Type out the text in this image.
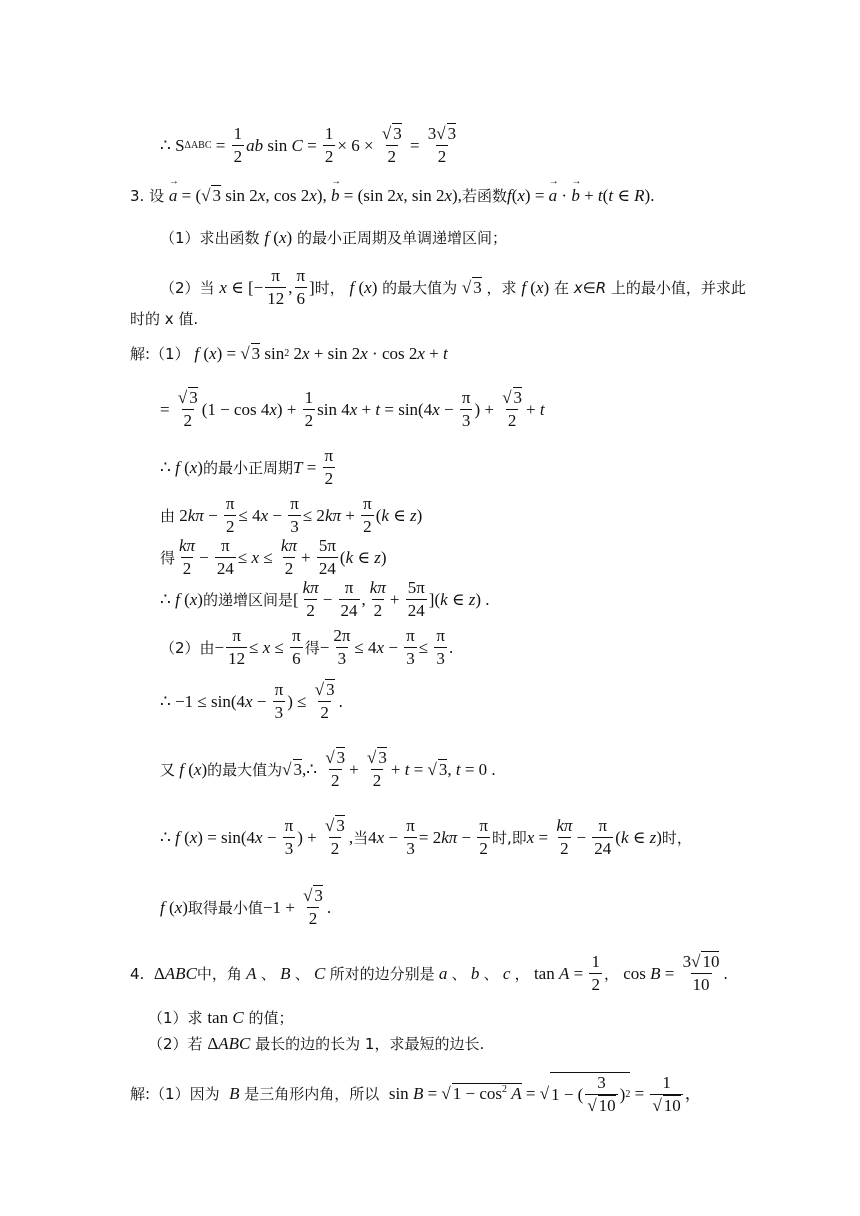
∴ S $\Delta ABC = \frac{1}{2}$ ab $\sin C = \frac{1}{2} \times 6 \times \frac{√ 3}{2} = \frac{3√ 3}{2}$
3. 设 → a = (√ 3 sin 2x, cos 2x), → b = (sin 2x, sin 2x), 若函数 f(x) = → a · → b + t(t ∈ R).
（1）求出函数 f (x) 的最小正周期及单调递增区间；
（2）当 x ∈ [− $\frac{\pi}{12}$ , $\frac{\pi}{6}$ ] 时， f (x) 的最大值为 √ 3 ，求 f (x) 在 x∈R 上的最小值，并求此
时的 x 值.
解:（1） f (x) = √ 3 sin 2 2x + sin 2x · cos 2x + t
= $\frac{√ 3}{2} (1 - \cos 4x) + \frac{1}{2}$ $\sin 4x + t = \sin(4x - \frac{\pi}{3}$ ) + $\frac{√ 3}{2} + t$
∴ f (x) 的最小正周期 $T = \frac{\pi}{2}$
由 $2k\pi - \frac{\pi}{2} \le 4x - \frac{\pi}{3} \le 2k\pi + \frac{\pi}{2} (k$ ∈ z)
得 $\frac{k\pi}{2} - \frac{\pi}{24} \le x \le \frac{k\pi}{2} + \frac{5\pi}{24} (k$ ∈ z)
∴ f (x) 的递增区间是 [ $\frac{k\pi}{2} - \frac{\pi}{24}$ , $\frac{k\pi}{2} + \frac{5\pi}{24} ](k$ ∈ z) .
（2）由 − $\frac{\pi}{12} \le x \le \frac{\pi}{6}$ 得 − $\frac{2\pi}{3} \le 4x - \frac{\pi}{3} \le \frac{\pi}{3}$ .
∴ $-1 \le \sin(4x - \frac{\pi}{3}$ ) ≤ $\frac{√ 3}{2}$ .
又 f (x) 的最大值为 √ 3,∴ $\frac{√ 3}{2} + \frac{√ 3}{2} + t$ = √ 3, t = 0 .
∴ f $(x) = \sin(4x - \frac{\pi}{3}$ ) + $\frac{√ 3}{2}$ , 当 $4x - \frac{\pi}{3} = 2k\pi - \frac{\pi}{2}$ 时,即 $x = \frac{k\pi}{2} - \frac{\pi}{24} (k$ ∈ z) 时，
f (x) 取得最小值 $-1 + \frac{√ 3}{2}$ .
4. ΔABC 中，角 A 、 B 、 C 所对的边分别是 a 、 b 、 c ， $\tan A = \frac{1}{2}$ ， $\cos B = \frac{3√ 10}{10}$ .
（1）求 tan C 的值；
（2）若 ΔABC 最长的边的长为 1，求最短的边长.
解:（1）因为 B 是三角形内角，所以 sin B = √ $1 - \cos^2 A$ = √ 1 − ( $\frac{3}{√ 10}$ ) $2 = \frac{1}{√ 10}$ ，
